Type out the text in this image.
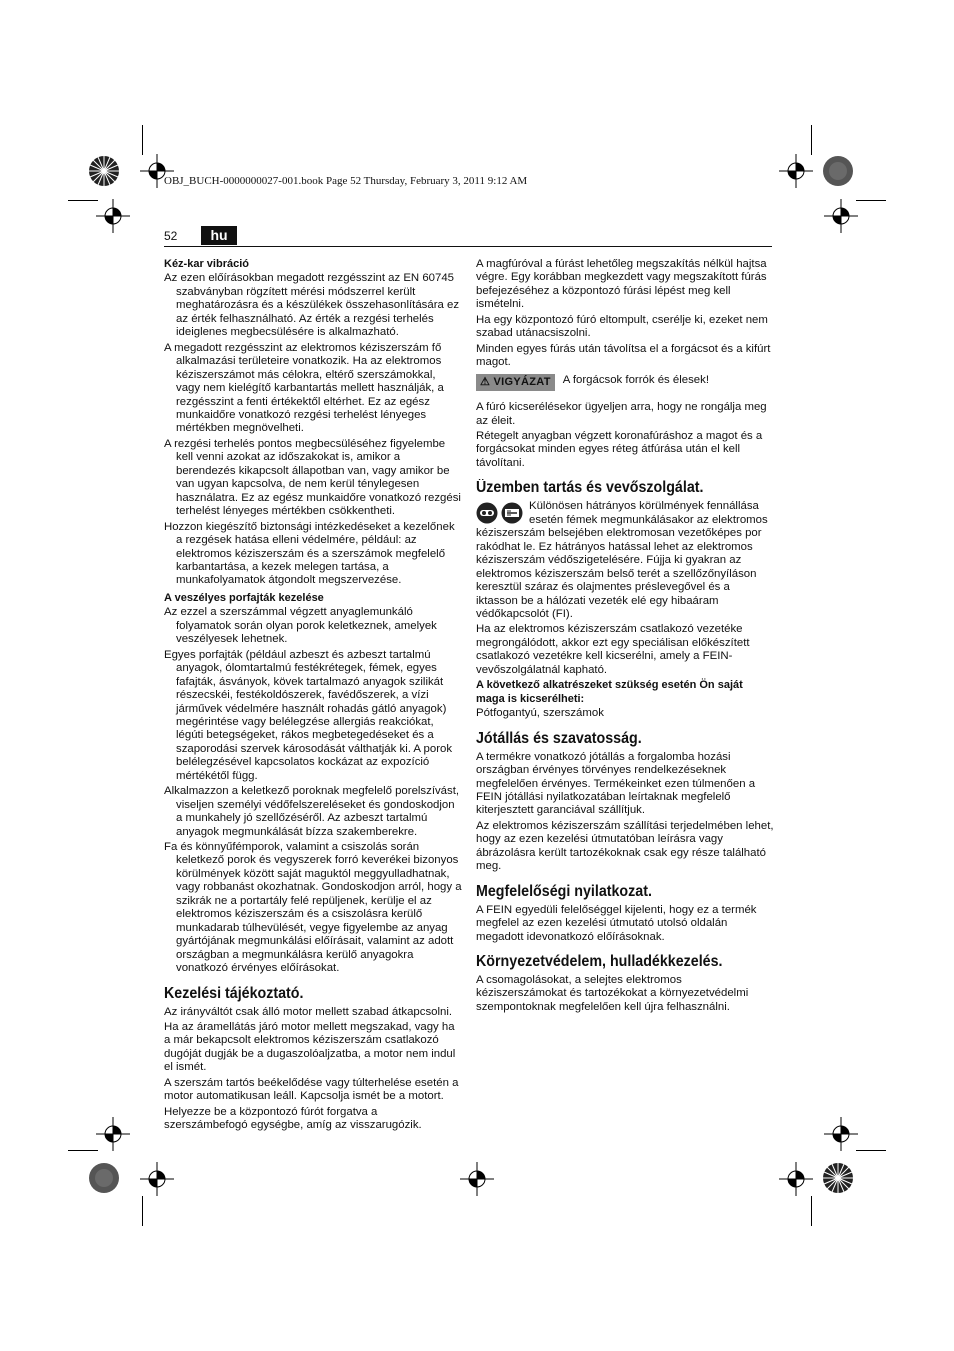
OBJ_BUCH-0000000027-001.book Page 52 Thursday, February 3, 2011 9:12 AM
52	hu
Kéz-kar vibráció

Az ezen előírásokban megadott rezgésszint az EN 60745 szabványban rögzített mérési módszerrel került meghatározásra és a készülékek összehasonlítására ez az érték felhasználható. Az érték a rezgési terhelés ideiglenes megbecsülésére is alkalmazható.

A megadott rezgésszint az elektromos kéziszerszám fő alkalmazási területeire vonatkozik. Ha az elektromos kéziszerszámot más célokra, eltérő szerszámokkal, vagy nem kielégítő karbantartás mellett használják, a rezgésszint a fenti értékektől eltérhet. Ez az egész munkaidőre vonatkozó rezgési terhelést lényeges mértékben megnövelheti.

A rezgési terhelés pontos megbecsüléséhez figyelembe kell venni azokat az időszakokat is, amikor a berendezés kikapcsolt állapotban van, vagy amikor be van ugyan kapcsolva, de nem kerül ténylegesen használatra. Ez az egész munkaidőre vonatkozó rezgési terhelést lényeges mértékben csökkentheti.

Hozzon kiegészítő biztonsági intézkedéseket a kezelőnek a rezgések hatása elleni védelmére, például: az elektromos kéziszerszám és a szerszámok megfelelő karbantartása, a kezek melegen tartása, a munkafolyamatok átgondolt megszervezése.

A veszélyes porfajták kezelése

Az ezzel a szerszámmal végzett anyaglemunkáló folyamatok során olyan porok keletkeznek, amelyek veszélyesek lehetnek.

Egyes porfajták (például azbeszt és azbeszt tartalmú anyagok, ólomtartalmú festékrétegek, fémek, egyes fafajták, ásványok, kövek tartalmazó anyagok szilikát részecskéi, festékoldószerek, favédőszerek, a vízi járművek védelmére használt rohadás gátló anyagok) megérintése vagy belélegzése allergiás reakciókat, légúti betegségeket, rákos megbetegedéseket és a szaporodási szervek károsodását válthatják ki. A porok belélegzésével kapcsolatos kockázat az expozíció mértékétől függ.

Alkalmazzon a keletkező poroknak megfelelő porelszívást, viseljen személyi védőfelszereléseket és gondoskodjon a munkahely jó szellőzéséről. Az azbeszt tartalmú anyagok megmunkálását bízza szakemberekre.

Fa és könnyűfémporok, valamint a csiszolás során keletkező porok és vegyszerek forró keverékei bizonyos körülmények között saját maguktól meggyulladhatnak, vagy robbanást okozhatnak. Gondoskodjon arról, hogy a szikrák ne a portartály felé repüljenek, kerülje el az elektromos kéziszerszám és a csiszolásra kerülő munkadarab túlhevülését, vegye figyelembe az anyag gyártójának megmunkálási előírásait, valamint az adott országban a megmunkálásra kerülő anyagokra vonatkozó érvényes előírásokat.

Kezelési tájékoztató.

Az irányváltót csak álló motor mellett szabad átkapcsolni.

Ha az áramellátás járó motor mellett megszakad, vagy ha a már bekapcsolt elektromos kéziszerszám csatlakozó dugóját dugják be a dugaszolóaljzatba, a motor nem indul el ismét.

A szerszám tartós beékelődése vagy túlterhelése esetén a motor automatikusan leáll. Kapcsolja ismét be a motort.

Helyezze be a központozó fúrót forgatva a szerszámbefogó egységbe, amíg az visszarugózik.

A magfúróval a fúrást lehetőleg megszakítás nélkül hajtsa végre. Egy korábban megkezdett vagy megszakított fúrás befejezéséhez a központozó fúrási lépést meg kell ismételni.

Ha egy központozó fúró eltompult, cserélje ki, ezeket nem szabad utánacsiszolni.

Minden egyes fúrás után távolítsa el a forgácsot és a kifúrt magot.

⚠ VIGYÁZAT	A forgácsok forrók és élesek!

A fúró kicserélésekor ügyeljen arra, hogy ne rongálja meg az éleit.

Rétegelt anyagban végzett koronafúráshoz a magot és a forgácsokat minden egyes réteg átfúrása után el kell távolítani.

Üzemben tartás és vevőszolgálat.

Különösen hátrányos körülmények fennállása esetén fémek megmunkálásakor az elektromos kéziszerszám belsejében elektromosan vezetőképes por rakódhat le. Ez hátrányos hatással lehet az elektromos kéziszerszám védőszigetelésére. Fújja ki gyakran az elektromos kéziszerszám belső terét a szellőzőnyíláson keresztül száraz és olajmentes préslevegővel és a iktasson be a hálózati vezeték elé egy hibaáram védőkapcsolót (FI).

Ha az elektromos kéziszerszám csatlakozó vezetéke megrongálódott, akkor ezt egy speciálisan előkészített csatlakozó vezetékre kell kicserélni, amely a FEIN-vevőszolgálatnál kapható.

A következő alkatrészeket szükség esetén Ön saját maga is kicserélheti:

Pótfogantyú, szerszámok

Jótállás és szavatosság.

A termékre vonatkozó jótállás a forgalomba hozási országban érvényes törvényes rendelkezéseknek megfelelően érvényes. Termékeinket ezen túlmenően a FEIN jótállási nyilatkozatában leírtaknak megfelelő kiterjesztett garanciával szállítjuk.

Az elektromos kéziszerszám szállítási terjedelmében lehet, hogy az ezen kezelési útmutatóban leírásra vagy ábrázolásra került tartozékoknak csak egy része található meg.

Megfelelőségi nyilatkozat.

A FEIN egyedüli felelőséggel kijelenti, hogy ez a termék megfelel az ezen kezelési útmutató utolsó oldalán megadott idevonatkozó előírásoknak.

Környezetvédelem, hulladékkezelés.

A csomagolásokat, a selejtes elektromos kéziszerszámokat és tartozékokat a környezetvédelmi szempontoknak megfelelően kell újra felhasználni.
